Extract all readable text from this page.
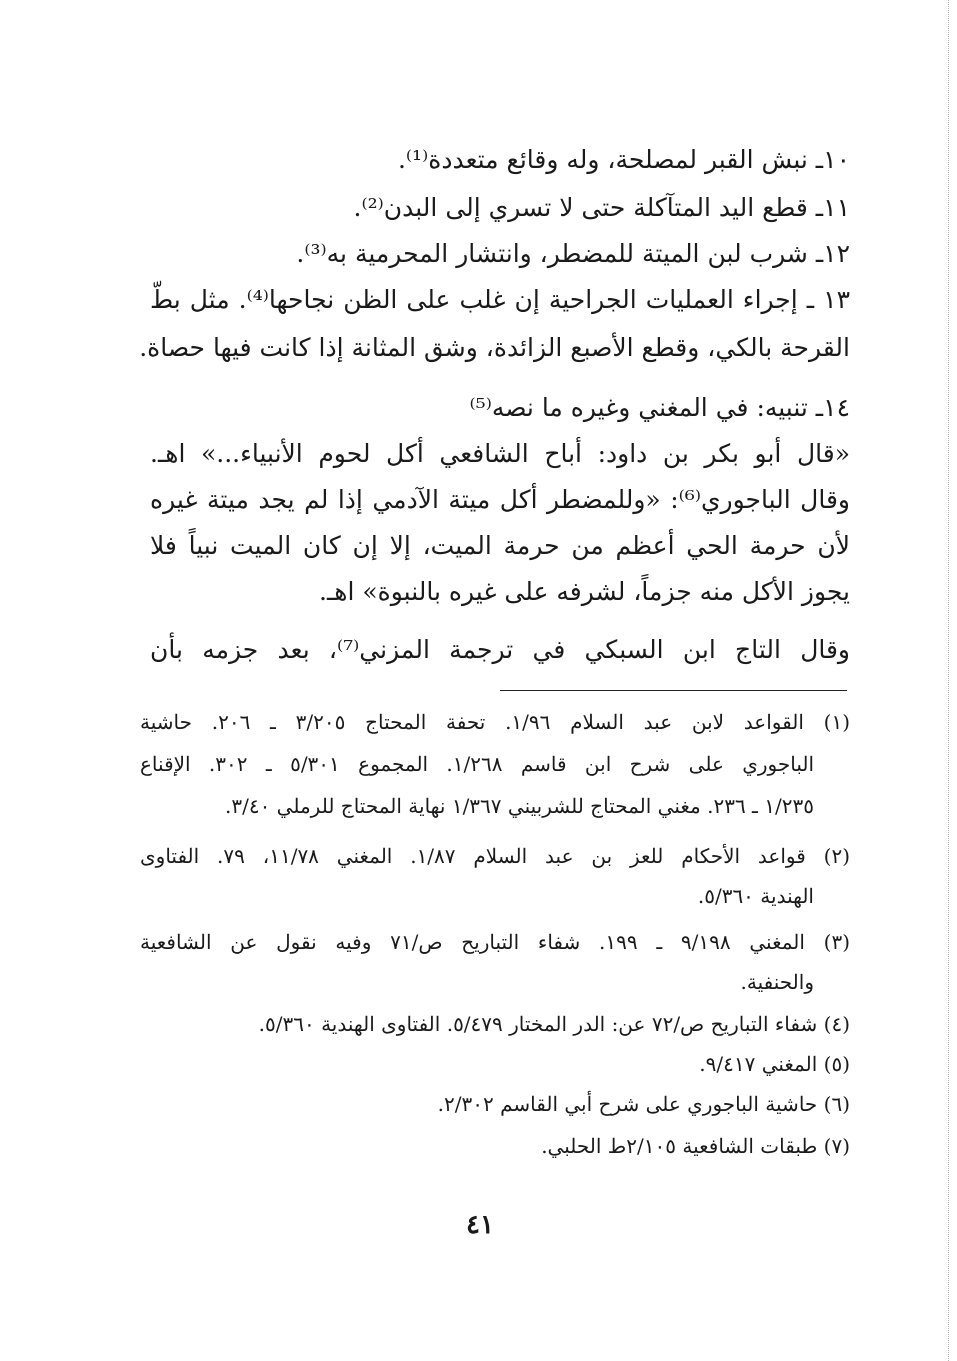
١٠ـ نبش القبر لمصلحة، وله وقائع متعددة⁽¹⁾.
١١ـ قطع اليد المتآكلة حتى لا تسري إلى البدن⁽²⁾.
١٢ـ شرب لبن الميتة للمضطر، وانتشار المحرمية به⁽³⁾.
١٣ ـ إجراء العمليات الجراحية إن غلب على الظن نجاحها⁽⁴⁾. مثل بطّ
القرحة بالكي، وقطع الأصبع الزائدة، وشق المثانة إذا كانت فيها حصاة.
١٤ـ تنبيه: في المغني وغيره ما نصه⁽⁵⁾
«قال أبو بكر بن داود: أباح الشافعي أكل لحوم الأنبياء...» اهـ.
وقال الباجوري⁽⁶⁾: «وللمضطر أكل ميتة الآدمي إذا لم يجد ميتة غيره
لأن حرمة الحي أعظم من حرمة الميت، إلا إن كان الميت نبياً فلا
يجوز الأكل منه جزماً، لشرفه على غيره بالنبوة» اهـ.
وقال التاج ابن السبكي في ترجمة المزني⁽⁷⁾، بعد جزمه بأن
(١) القواعد لابن عبد السلام ١/٩٦. تحفة المحتاج ٣/٢٠٥ ـ ٢٠٦. حاشية
الباجوري على شرح ابن قاسم ١/٢٦٨. المجموع ٥/٣٠١ ـ ٣٠٢. الإقناع
١/٢٣٥ ـ ٢٣٦. مغني المحتاج للشربيني ١/٣٦٧ نهاية المحتاج للرملي ٣/٤٠.
(٢) قواعد الأحكام للعز بن عبد السلام ١/٨٧. المغني ١١/٧٨، ٧٩. الفتاوى
الهندية ٥/٣٦٠.
(٣) المغني ٩/١٩٨ ـ ١٩٩. شفاء التباريح ص/٧١ وفيه نقول عن الشافعية
والحنفية.
(٤) شفاء التباريح ص/٧٢ عن: الدر المختار ٥/٤٧٩. الفتاوى الهندية ٥/٣٦٠.
(٥) المغني ٩/٤١٧.
(٦) حاشية الباجوري على شرح أبي القاسم ٢/٣٠٢.
(٧) طبقات الشافعية ٢/١٠٥ط الحلبي.
٤١
